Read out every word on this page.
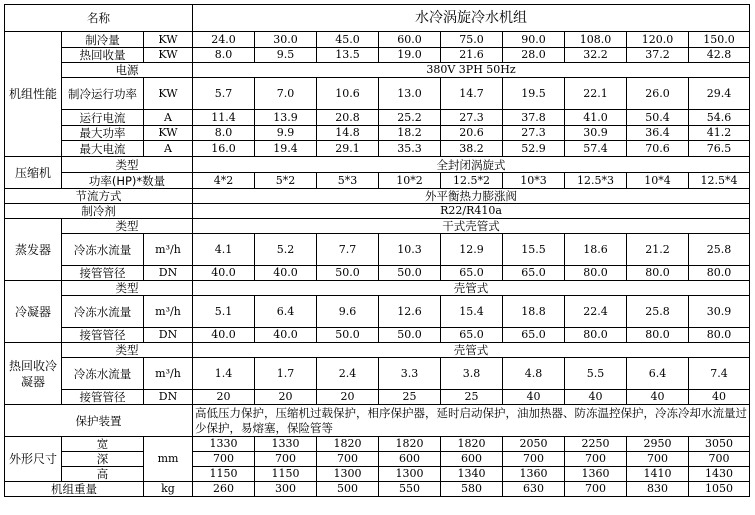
名称			水冷涡旋冷水机组								
机组性能	制冷量	KW	24.0	30.0	45.0	60.0	75.0	90.0	108.0	120.0	150.0
	热回收量	KW	8.0	9.5	13.5	19.0	21.6	28.0	32.2	37.2	42.8
	电源		380V 3PH 50Hz								
	制冷运行功率	KW	5.7	7.0	10.6	13.0	14.7	19.5	22.1	26.0	29.4
	运行电流	A	11.4	13.9	20.8	25.2	27.3	37.8	41.0	50.4	54.6
	最大功率	KW	8.0	9.9	14.8	18.2	20.6	27.3	30.9	36.4	41.2
	最大电流	A	16.0	19.4	29.1	35.3	38.2	52.9	57.4	70.6	76.5
压缩机	类型		全封闭涡旋式								
	功率(HP)*数量		4*2	5*2	5*3	10*2	12.5*2	10*3	12.5*3	10*4	12.5*4
节流方式			外平衡热力膨涨阀								
制冷剂			R22/R410a								
蒸发器	类型		干式壳管式								
	冷冻水流量	m³/h	4.1	5.2	7.7	10.3	12.9	15.5	18.6	21.2	25.8
	接管管径	DN	40.0	40.0	50.0	50.0	65.0	65.0	80.0	80.0	80.0
冷凝器	类型		壳管式								
	冷冻水流量	m³/h	5.1	6.4	9.6	12.6	15.4	18.8	22.4	25.8	30.9
	接管管径	DN	40.0	40.0	50.0	50.0	65.0	65.0	80.0	80.0	80.0
热回收冷凝器	类型		壳管式								
	冷冻水流量	m³/h	1.4	1.7	2.4	3.3	3.8	4.8	5.5	6.4	7.4
	接管管径	DN	20	20	20	25	25	40	40	40	40
保护装置			高低压力保护，压缩机过载保护，相序保护器，延时启动保护，油加热器、防冻温控保护，冷冻冷却水流量过少保护，易熔塞，保险管等								
外形尺寸	宽	mm	1330	1330	1820	1820	1820	2050	2250	2950	3050
	深		700	700	700	600	600	700	700	700	700
	高		1150	1150	1300	1300	1340	1360	1360	1410	1430
机组重量		kg	260	300	500	550	580	630	700	830	1050
